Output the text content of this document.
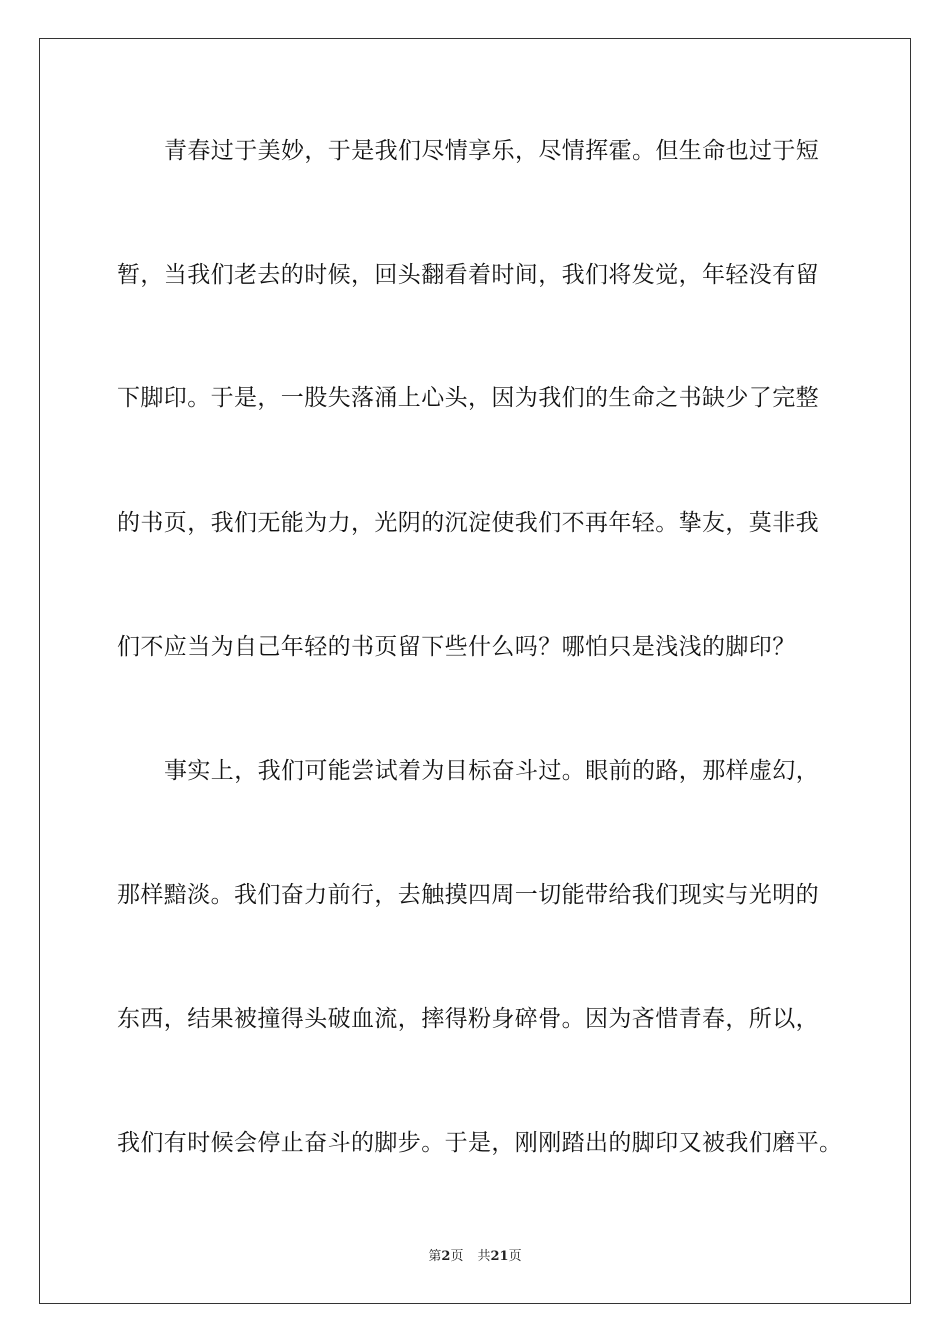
青春过于美妙，于是我们尽情享乐，尽情挥霍。但生命也过于短
暂，当我们老去的时候，回头翻看着时间，我们将发觉，年轻没有留
下脚印。于是，一股失落涌上心头，因为我们的生命之书缺少了完整
的书页，我们无能为力，光阴的沉淀使我们不再年轻。挚友，莫非我
们不应当为自己年轻的书页留下些什么吗？哪怕只是浅浅的脚印？
事实上，我们可能尝试着为目标奋斗过。眼前的路，那样虚幻，
那样黯淡。我们奋力前行，去触摸四周一切能带给我们现实与光明的
东西，结果被撞得头破血流，摔得粉身碎骨。因为吝惜青春，所以，
我们有时候会停止奋斗的脚步。于是，刚刚踏出的脚印又被我们磨平。
第2页 共21页
